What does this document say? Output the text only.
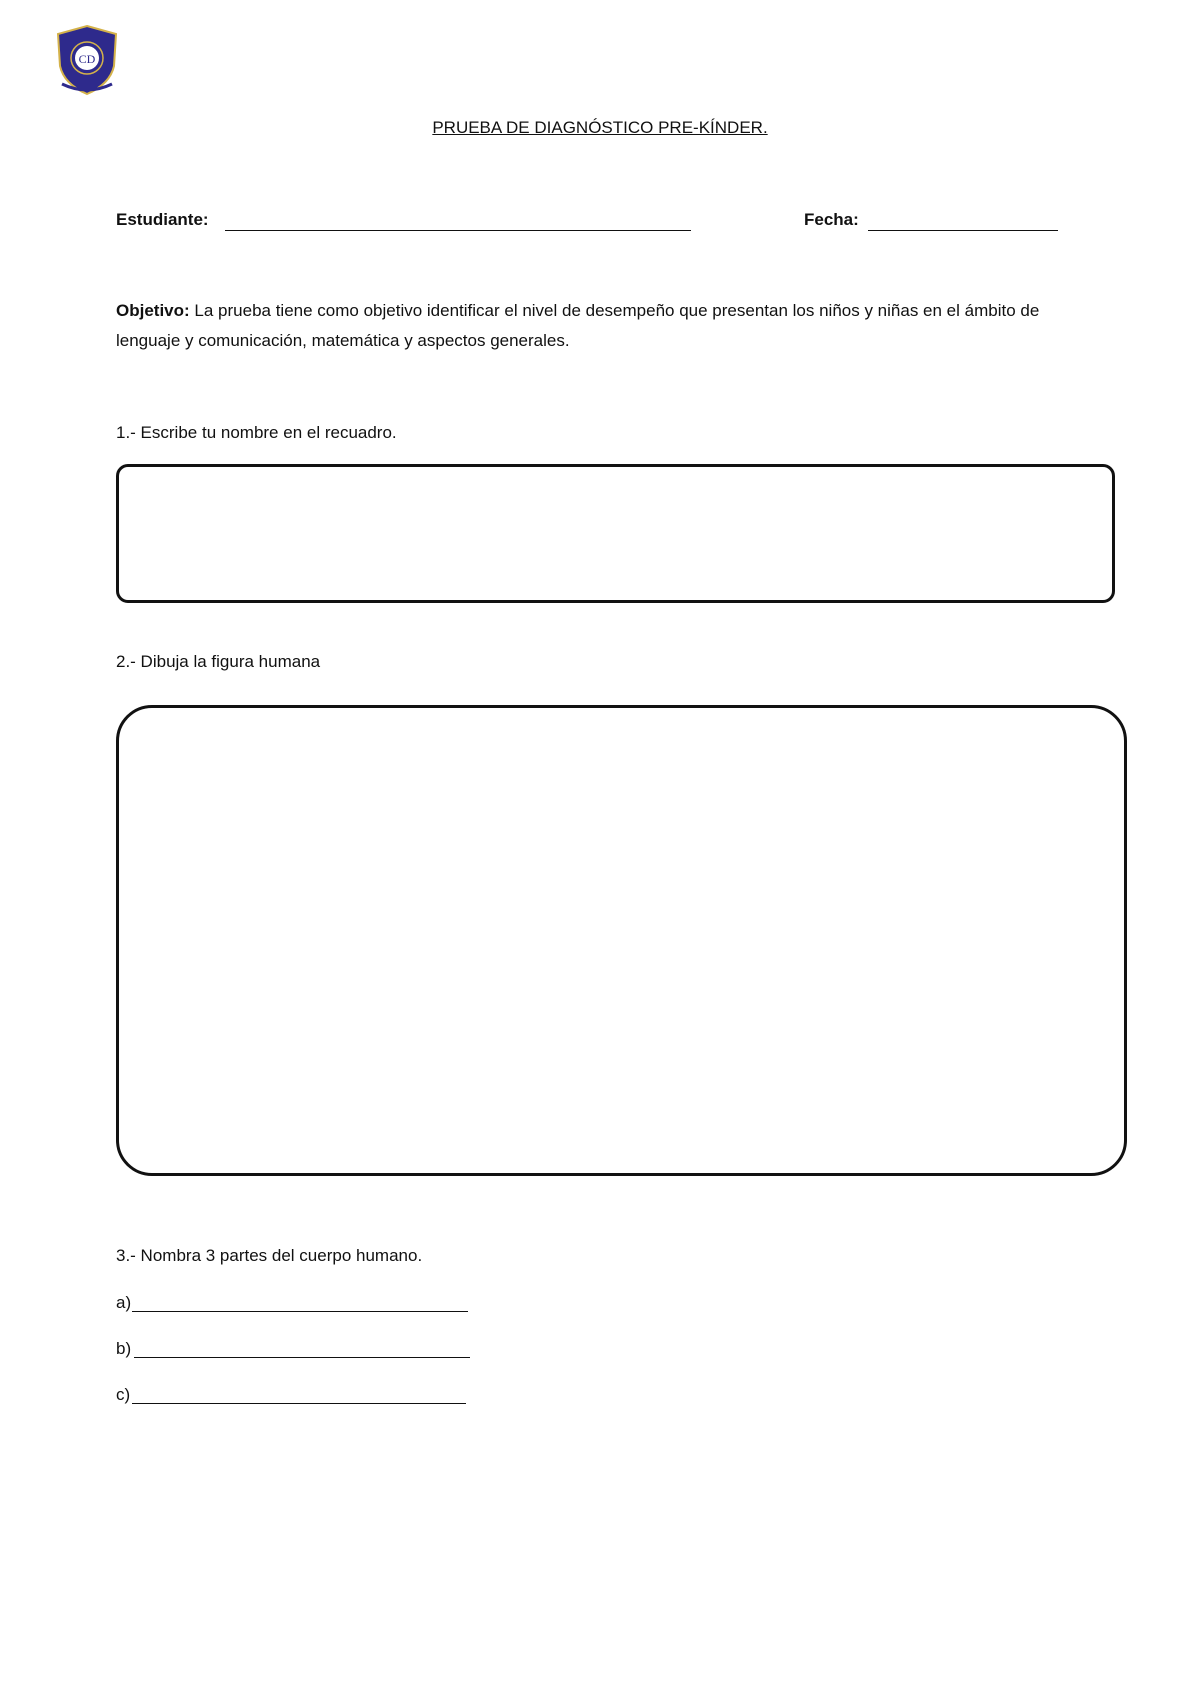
CD
PRUEBA DE DIAGNÓSTICO PRE-KÍNDER.
Estudiante:	Fecha:
Objetivo: La prueba tiene como objetivo identificar el nivel de desempeño que presentan los niños y niñas en el ámbito de lenguaje y comunicación, matemática y aspectos generales.
1.- Escribe tu nombre en el recuadro.
2.- Dibuja la figura humana
3.- Nombra 3 partes del cuerpo humano.
a)
b)
c)
